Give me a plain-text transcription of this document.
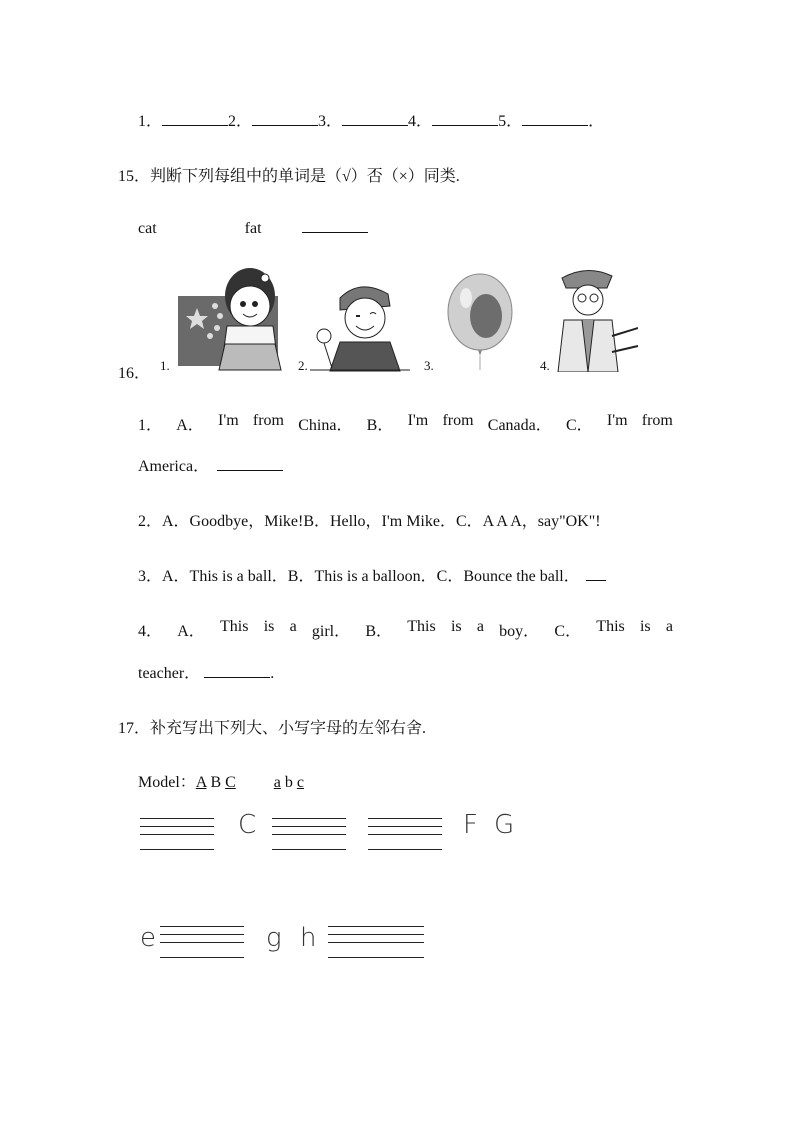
1．	2．	3．	4．	5．	．
15．判断下列每组中的单词是（√）否（×）同类.
cat	fat
16． 1.	2.	3.	4.
1． A． I'm from China． B． I'm from Canada． C． I'm from
America．
2．A．Goodbye，Mike!B．Hello，I'm Mike．C．A A A，say"OK"!
3．A．This is a ball．B．This is a balloon．C．Bounce the ball．
4． A． This is a girl． B． This is a boy． C． This is a
teacher．	.
17．补充写出下列大、小写字母的左邻右舍.
Model：A B C a b c
C	F G
e	g h
